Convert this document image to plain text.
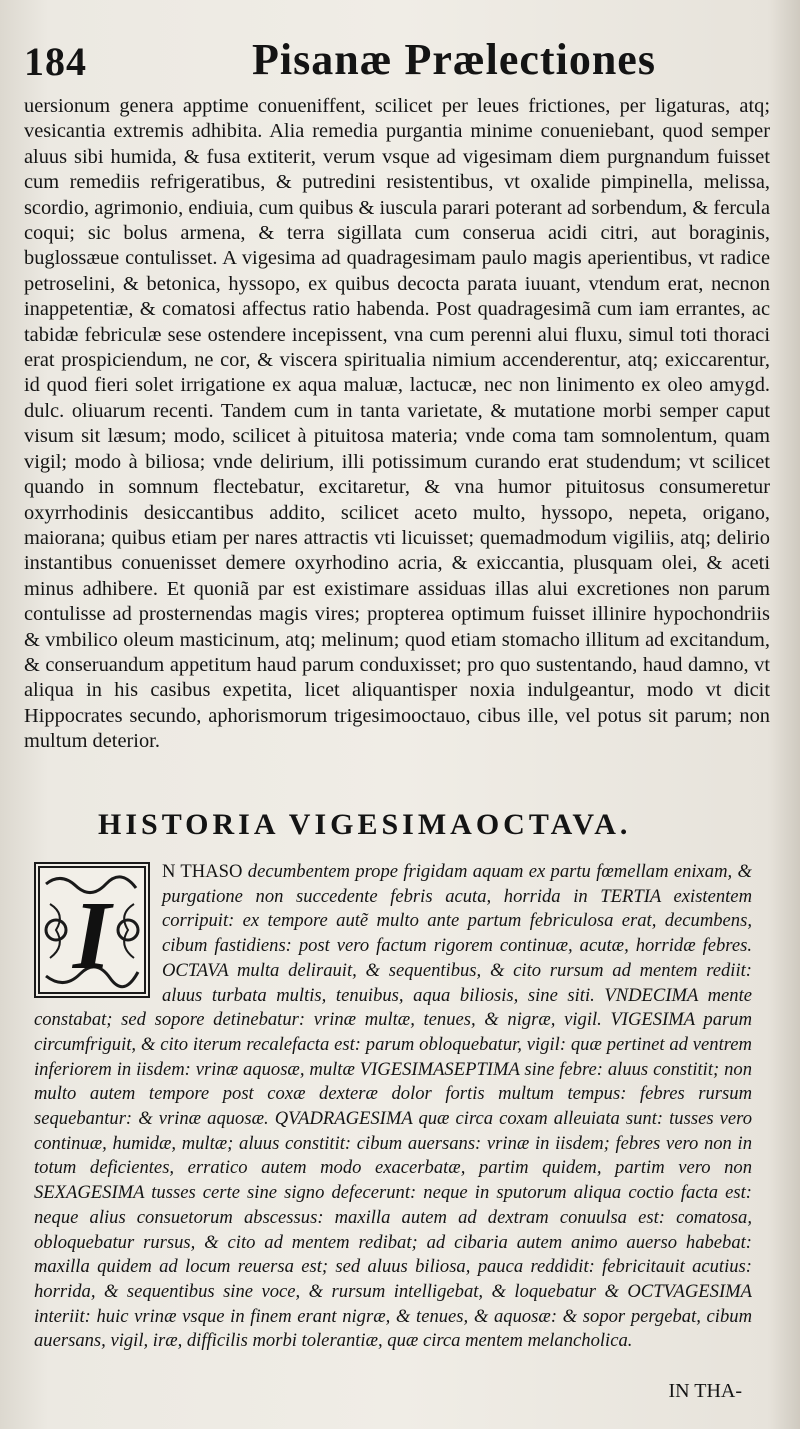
184	Pisanæ Prælectiones

uersionum genera apptime conueniffent, scilicet per leues frictiones, per ligaturas, atq; vesicantia extremis adhibita. Alia remedia purgantia minime conueniebant, quod semper aluus sibi humida, & fusa extiterit, verum vsque ad vigesimam diem purgnandum fuisset cum remediis refrigeratibus, & putredini resistentibus, vt oxalide pimpinella, melissa, scordio, agrimonio, endiuia, cum quibus & iuscula parari poterant ad sorbendum, & fercula coqui; sic bolus armena, & terra sigillata cum conserua acidi citri, aut boraginis, buglossæue contulisset. A vigesima ad quadragesimam paulo magis aperientibus, vt radice petroselini, & betonica, hyssopo, ex quibus decocta parata iuuant, vtendum erat, necnon inappetentiæ, & comatosi affectus ratio habenda. Post quadragesimã cum iam errantes, ac tabidæ febriculæ sese ostendere incepissent, vna cum perenni alui fluxu, simul toti thoraci erat prospiciendum, ne cor, & viscera spiritualia nimium accenderentur, atq; exiccarentur, id quod fieri solet irrigatione ex aqua maluæ, lactucæ, nec non linimento ex oleo amygd. dulc. oliuarum recenti. Tandem cum in tanta varietate, & mutatione morbi semper caput visum sit læsum; modo, scilicet à pituitosa materia; vnde coma tam somnolentum, quam vigil; modo à biliosa; vnde delirium, illi potissimum curando erat studendum; vt scilicet quando in somnum flectebatur, excitaretur, & vna humor pituitosus consumeretur oxyrrhodinis desiccantibus addito, scilicet aceto multo, hyssopo, nepeta, origano, maiorana; quibus etiam per nares attractis vti licuisset; quemadmodum vigiliis, atq; delirio instantibus conuenisset demere oxyrhodino acria, & exiccantia, plusquam olei, & aceti minus adhibere. Et quoniã par est existimare assiduas illas alui excretiones non parum contulisse ad prosternendas magis vires; propterea optimum fuisset illinire hypochondriis & vmbilico oleum masticinum, atq; melinum; quod etiam stomacho illitum ad excitandum, & conseruandum appetitum haud parum conduxisset; pro quo sustentando, haud damno, vt aliqua in his casibus expetita, licet aliquantisper noxia indulgeantur, modo vt dicit Hippocrates secundo, aphorismorum trigesimooctauo, cibus ille, vel potus sit parum; non multum deterior.

HISTORIA VIGESIMAOCTAVA.

I
N THASO decumbentem prope frigidam aquam ex partu fœmellam enixam, & purgatione non succedente febris acuta, horrida in TERTIA existentem corripuit: ex tempore autẽ multo ante partum febriculosa erat, decumbens, cibum fastidiens: post vero factum rigorem continuæ, acutæ, horridæ febres. OCTAVA multa delirauit, & sequentibus, & cito rursum ad mentem rediit: aluus turbata multis, tenuibus, aqua biliosis, sine siti. VNDECIMA mente constabat; sed sopore detinebatur: vrinæ multæ, tenues, & nigræ, vigil. VIGESIMA parum circumfriguit, & cito iterum recalefacta est: parum obloquebatur, vigil: quæ pertinet ad ventrem inferiorem in iisdem: vrinæ aquosæ, multæ VIGESIMASEPTIMA sine febre: aluus constitit; non multo autem tempore post coxæ dexteræ dolor fortis multum tempus: febres rursum sequebantur: & vrinæ aquosæ. QVADRAGESIMA quæ circa coxam alleuiata sunt: tusses vero continuæ, humidæ, multæ; aluus constitit: cibum auersans: vrinæ in iisdem; febres vero non in totum deficientes, erratico autem modo exacerbatæ, partim quidem, partim vero non SEXAGESIMA tusses certe sine signo defecerunt: neque in sputorum aliqua coctio facta est: neque alius consuetorum abscessus: maxilla autem ad dextram conuulsa est: comatosa, obloquebatur rursus, & cito ad mentem redibat; ad cibaria autem animo auerso habebat: maxilla quidem ad locum reuersa est; sed aluus biliosa, pauca reddidit: febricitauit acutius: horrida, & sequentibus sine voce, & rursum intelligebat, & loquebatur & OCTVAGESIMA interiit: huic vrinæ vsque in finem erant nigræ, & tenues, & aquosæ: & sopor pergebat, cibum auersans, vigil, iræ, difficilis morbi tolerantiæ, quæ circa mentem melancholica.

IN THA-
